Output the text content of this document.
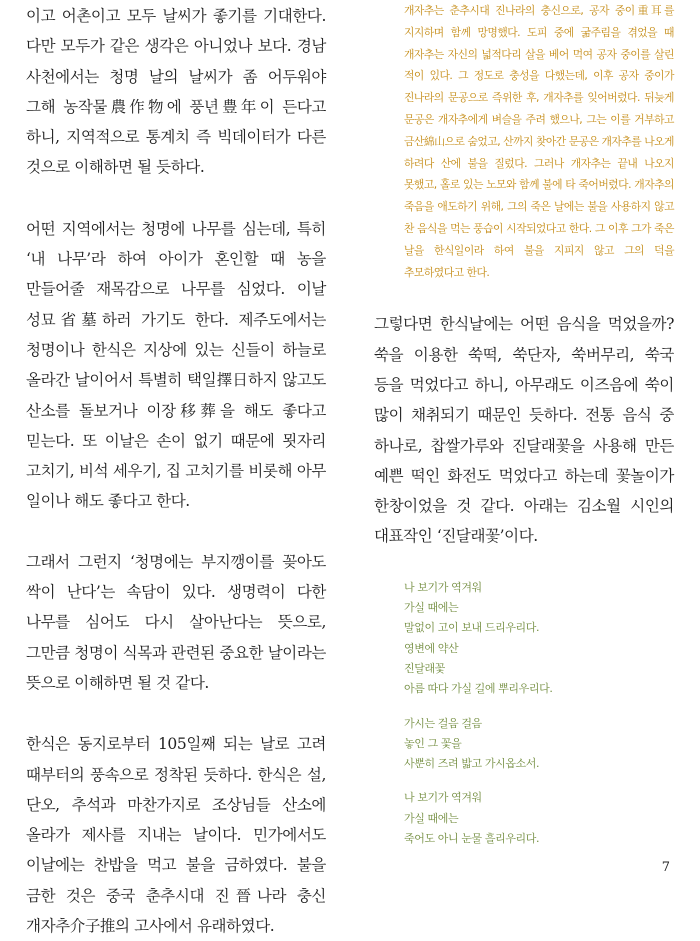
이고 어촌이고 모두 날씨가 좋기를 기대한다. 다만 모두가 같은 생각은 아니었나 보다. 경남 사천에서는 청명 날의 날씨가 좀 어두워야 그해 농작물農作物에 풍년豊年이 든다고 하니, 지역적으로 통계치 즉 빅데이터가 다른 것으로 이해하면 될 듯하다.

어떤 지역에서는 청명에 나무를 심는데, 특히 ‘내 나무’라 하여 아이가 혼인할 때 농을 만들어줄 재목감으로 나무를 심었다. 이날 성묘省墓하러 가기도 한다. 제주도에서는 청명이나 한식은 지상에 있는 신들이 하늘로 올라간 날이어서 특별히 택일擇日하지 않고도 산소를 돌보거나 이장移葬을 해도 좋다고 믿는다. 또 이날은 손이 없기 때문에 묏자리 고치기, 비석 세우기, 집 고치기를 비롯해 아무 일이나 해도 좋다고 한다.

그래서 그런지 ‘청명에는 부지깽이를 꽂아도 싹이 난다’는 속담이 있다. 생명력이 다한 나무를 심어도 다시 살아난다는 뜻으로, 그만큼 청명이 식목과 관련된 중요한 날이라는 뜻으로 이해하면 될 것 같다.

한식은 동지로부터 105일째 되는 날로 고려 때부터의 풍속으로 정착된 듯하다. 한식은 설, 단오, 추석과 마찬가지로 조상님들 산소에 올라가 제사를 지내는 날이다. 민가에서도 이날에는 찬밥을 먹고 불을 금하였다. 불을 금한 것은 중국 춘추시대 진晉나라 충신 개자추介子推의 고사에서 유래하였다.

개자추는 춘추시대 진나라의 충신으로, 공자 중이重耳를 지지하며 함께 망명했다. 도피 중에 굶주림을 겪었을 때 개자추는 자신의 넓적다리 살을 베어 먹여 공자 중이를 살린 적이 있다. 그 정도로 충성을 다했는데, 이후 공자 중이가 진나라의 문공으로 즉위한 후, 개자추를 잊어버렸다. 뒤늦게 문공은 개자추에게 벼슬을 주려 했으나, 그는 이를 거부하고 금산綿山으로 숨었고, 산까지 찾아간 문공은 개자추를 나오게 하려다 산에 불을 질렀다. 그러나 개자추는 끝내 나오지 못했고, 홀로 있는 노모와 함께 불에 타 죽어버렸다. 개자추의 죽음을 애도하기 위해, 그의 죽은 날에는 불을 사용하지 않고 찬 음식을 먹는 풍습이 시작되었다고 한다. 그 이후 그가 죽은 날을 한식일이라 하여 불을 지피지 않고 그의 덕을 추모하였다고 한다.

그렇다면 한식날에는 어떤 음식을 먹었을까? 쑥을 이용한 쑥떡, 쑥단자, 쑥버무리, 쑥국 등을 먹었다고 하니, 아무래도 이즈음에 쑥이 많이 채취되기 때문인 듯하다. 전통 음식 중 하나로, 찹쌀가루와 진달래꽃을 사용해 만든 예쁜 떡인 화전도 먹었다고 하는데 꽃놀이가 한창이었을 것 같다. 아래는 김소월 시인의 대표작인 ‘진달래꽃’이다.

나 보기가 역겨워
가실 때에는
말없이 고이 보내 드리우리다.
영변에 약산
진달래꽃
아름 따다 가실 길에 뿌리우리다.
가시는 걸음 걸음
놓인 그 꽃을
사뿐히 즈려 밟고 가시옵소서.
나 보기가 역겨워
가실 때에는
죽어도 아니 눈물 흘리우리다.
7
